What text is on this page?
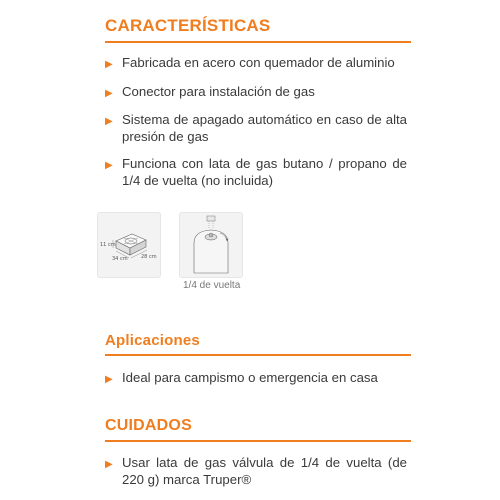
CARACTERÍSTICAS
▶ Fabricada en acero con quemador de aluminio
▶ Conector para instalación de gas
▶ Sistema de apagado automático en caso de alta presión de gas
▶ Funciona con lata de gas butano / propano de 1/4 de vuelta (no incluida)
11 cm
34 cm	28 cm
1/4 de vuelta
Aplicaciones
▶ Ideal para campismo o emergencia en casa
CUIDADOS
▶ Usar lata de gas válvula de 1/4 de vuelta (de 220 g) marca Truper®
